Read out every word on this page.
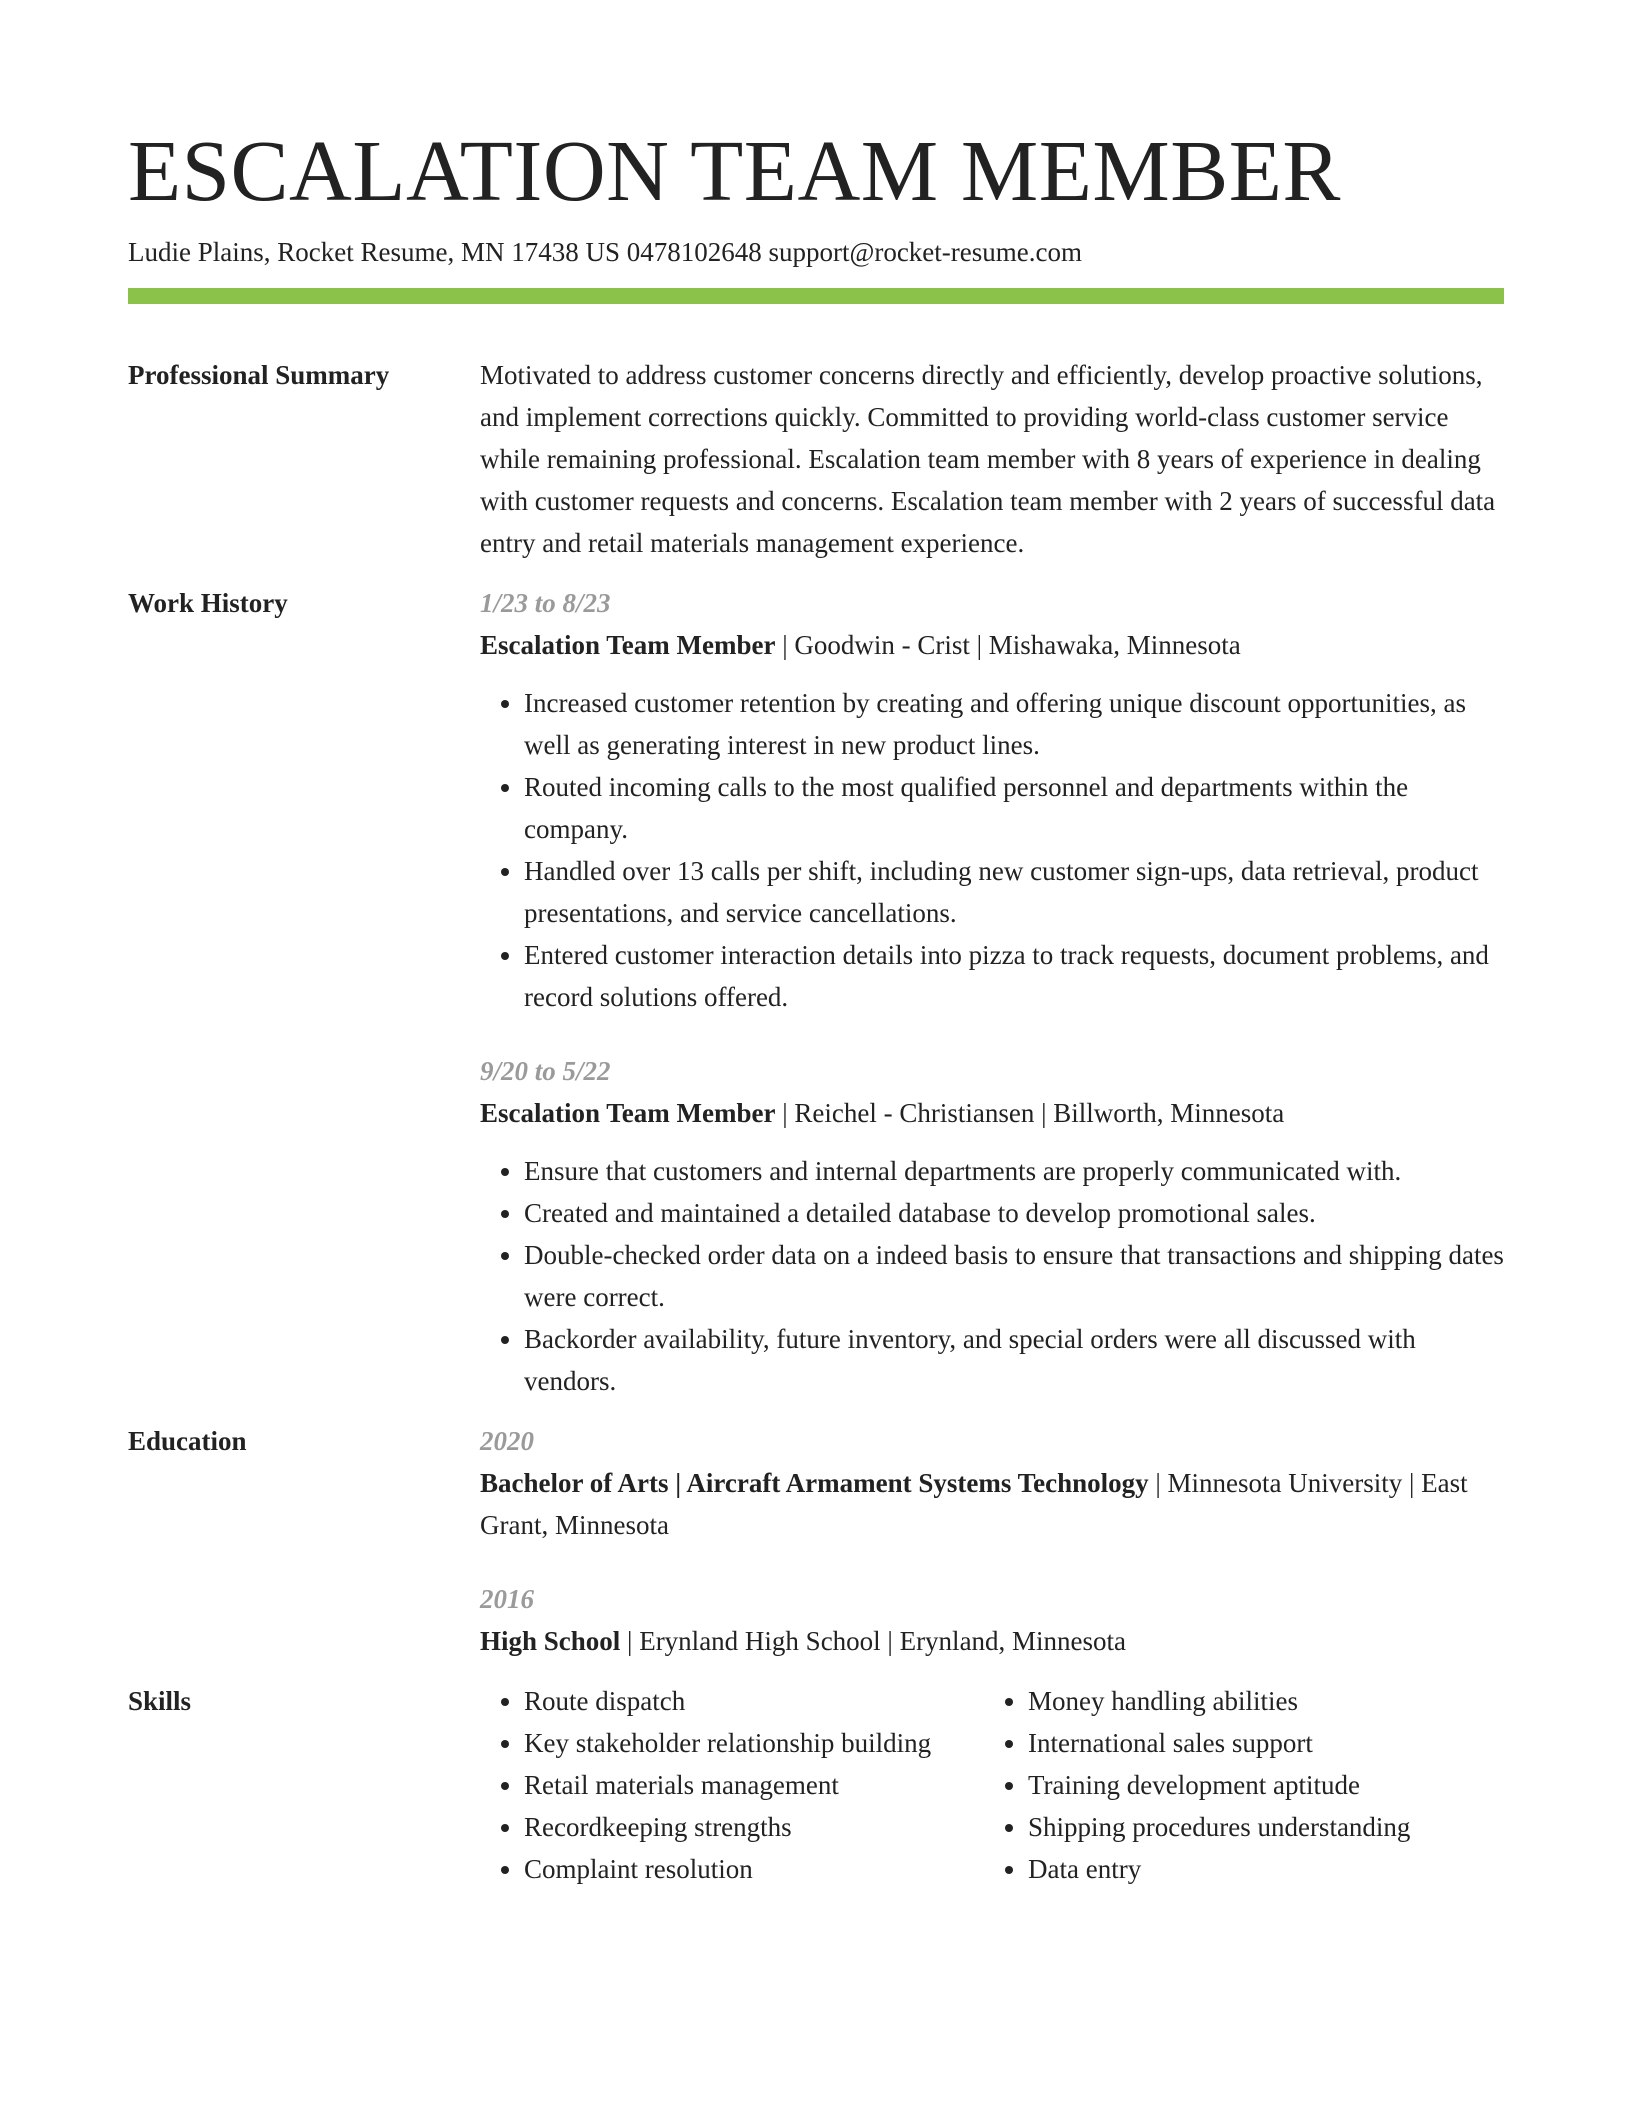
ESCALATION TEAM MEMBER
Ludie Plains, Rocket Resume, MN 17438 US 0478102648 support@rocket-resume.com
Professional Summary	Motivated to address customer concerns directly and efficiently, develop proactive solutions, and implement corrections quickly. Committed to providing world-class customer service while remaining professional. Escalation team member with 8 years of experience in dealing with customer requests and concerns. Escalation team member with 2 years of successful data entry and retail materials management experience.
Work History	1/23 to 8/23
Escalation Team Member | Goodwin - Crist | Mishawaka, Minnesota
• Increased customer retention by creating and offering unique discount opportunities, as well as generating interest in new product lines.
• Routed incoming calls to the most qualified personnel and departments within the company.
• Handled over 13 calls per shift, including new customer sign-ups, data retrieval, product presentations, and service cancellations.
• Entered customer interaction details into pizza to track requests, document problems, and record solutions offered.
9/20 to 5/22
Escalation Team Member | Reichel - Christiansen | Billworth, Minnesota
• Ensure that customers and internal departments are properly communicated with.
• Created and maintained a detailed database to develop promotional sales.
• Double-checked order data on a indeed basis to ensure that transactions and shipping dates were correct.
• Backorder availability, future inventory, and special orders were all discussed with vendors.
Education	2020
Bachelor of Arts | Aircraft Armament Systems Technology | Minnesota University | East Grant, Minnesota
2016
High School | Erynland High School | Erynland, Minnesota
Skills
•	Route dispatch
• Key stakeholder relationship building
• Retail materials management
• Recordkeeping strengths
• Complaint resolution
• Money handling abilities
• International sales support
• Training development aptitude
• Shipping procedures understanding
• Data entry
